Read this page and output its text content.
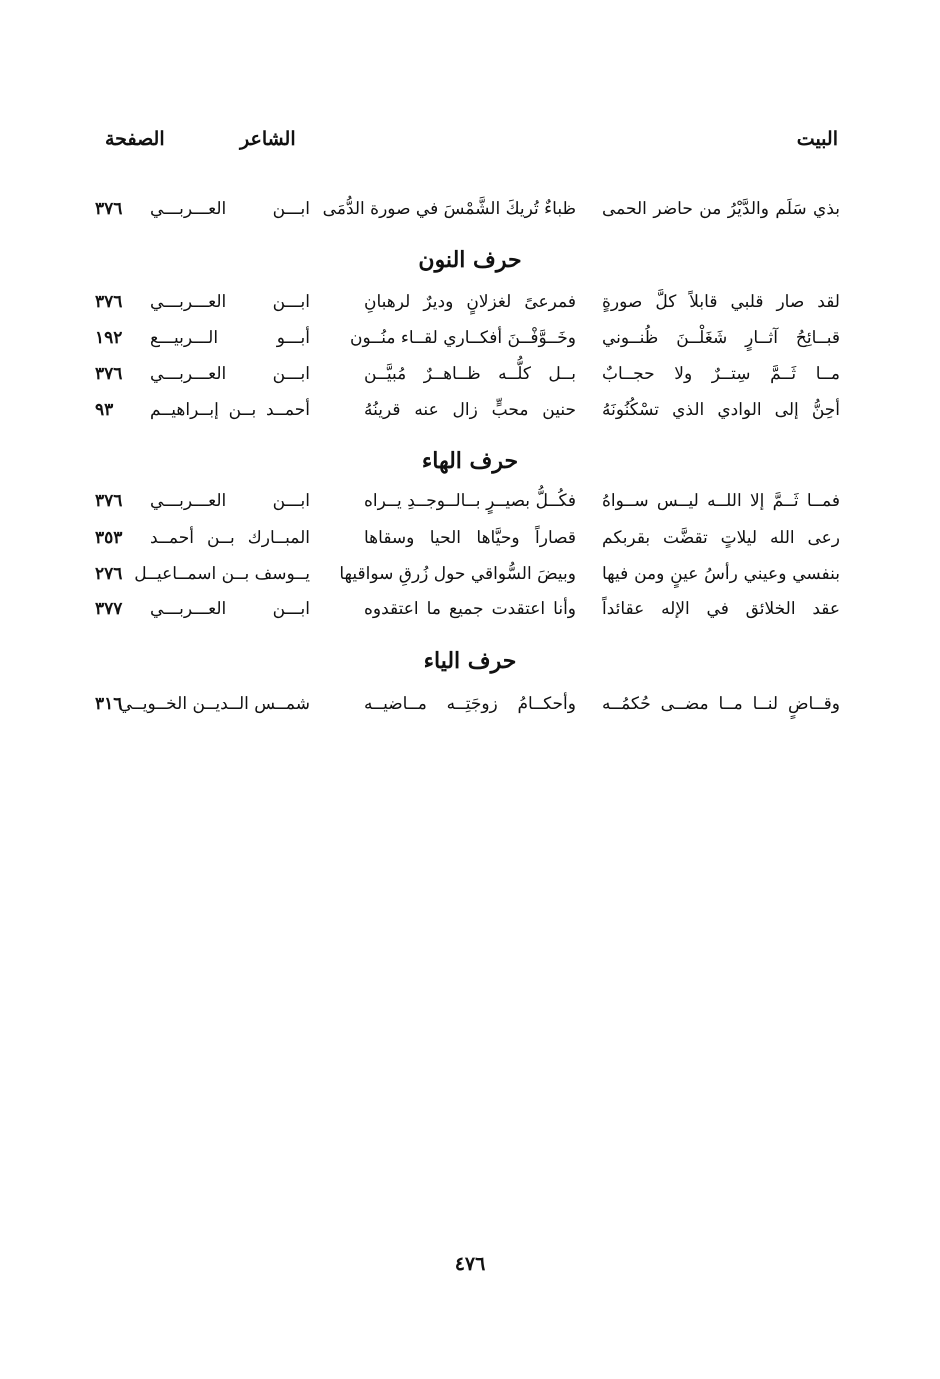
البيت
الشاعر
الصفحة
بذي سَلَم والدَّيْرُ من حاضر الحمى
ظباءٌ تُريكَ الشَّمْسَ في صورة الدُّمَى
ابـــن العـــربـــي
٣٧٦
حرف النون
لقد صار قلبي قابلاً كلَّ صورةٍ
فمرعىً لغزلانٍ وديرٌ لرهبانِ
ابـــن العـــربـــي
٣٧٦
قبــائِحُ آثــارٍ شَغَلْــنَ ظُنــوني
وخَــوَّفْــنَ أفكــاري لقــاء منُــون
أبـــو الـــربيـــع
١٩٢
مــا ثَــمَّ سِتــرٌ ولا حجــابٌ
بــل كلُّــه ظــاهــرٌ مُبيَّــن
ابـــن العـــربـــي
٣٧٦
أحِنُّ إلى الوادي الذي تسْكُنُونَهُ
حنين محبٍّ زال عنه قرينُهُ
أحمــد بــن إبــراهيــم
٩٣
حرف الهاء
فمــا ثَــمَّ إلا اللــه ليــس ســواهُ
فكُــلُّ بصيــرٍ بــالــوجــدِ يــراه
ابـــن العـــربـــي
٣٧٦
رعى الله ليلاتٍ تقضَّت بقربكم
قصاراً وحيَّاها الحيا وسقاها
المبــارك بــن أحمــد
٣٥٣
بنفسي وعيني رأسُ عينٍ ومن فيها
وبيضَ السُّواقي حول زُرقِ سواقيها
يــوسف بــن اسمــاعيــل
٢٧٦
عقد الخلائق في الإله عقائداً
وأنا اعتقدت جميع ما اعتقدوه
ابـــن العـــربـــي
٣٧٧
حرف الياء
وقــاضٍ لنــا مــا مضــى حُكمُــه
وأحكــامُ زوجَتِــه مــاضيــه
شمــس الــديــن الخــويــي
٣١٦
٤٧٦
